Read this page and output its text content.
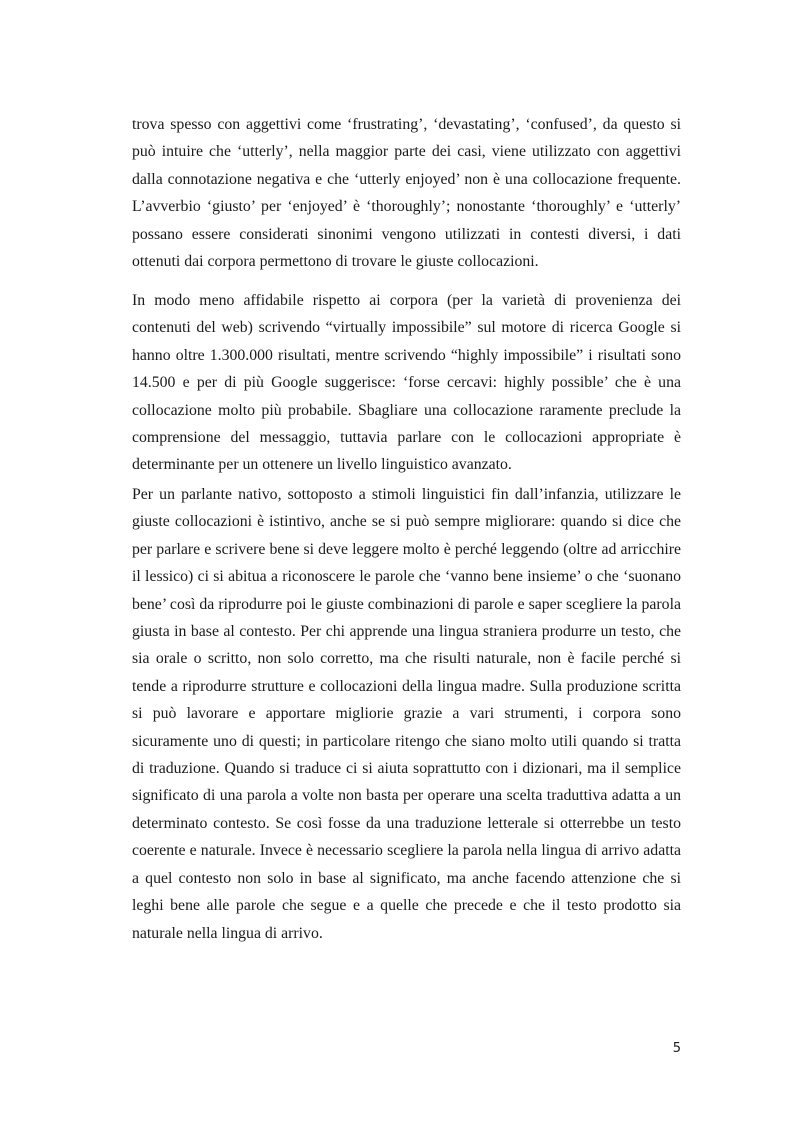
trova spesso con aggettivi come ‘frustrating’, ‘devastating’, ‘confused’, da questo si può intuire che ‘utterly’, nella maggior parte dei casi, viene utilizzato con aggettivi dalla connotazione negativa e che ‘utterly enjoyed’ non è una collocazione frequente. L’avverbio ‘giusto’ per ‘enjoyed’ è ‘thoroughly’; nonostante ‘thoroughly’ e ‘utterly’ possano essere considerati sinonimi vengono utilizzati in contesti diversi, i dati ottenuti dai corpora permettono di trovare le giuste collocazioni.

In modo meno affidabile rispetto ai corpora (per la varietà di provenienza dei contenuti del web) scrivendo “virtually impossibile” sul motore di ricerca Google si hanno oltre 1.300.000 risultati, mentre scrivendo “highly impossibile” i risultati sono 14.500 e per di più Google suggerisce: ‘forse cercavi: highly possible’ che è una collocazione molto più probabile. Sbagliare una collocazione raramente preclude la comprensione del messaggio, tuttavia parlare con le collocazioni appropriate è determinante per un ottenere un livello linguistico avanzato.

Per un parlante nativo, sottoposto a stimoli linguistici fin dall’infanzia, utilizzare le giuste collocazioni è istintivo, anche se si può sempre migliorare: quando si dice che per parlare e scrivere bene si deve leggere molto è perché leggendo (oltre ad arricchire il lessico) ci si abitua a riconoscere le parole che ‘vanno bene insieme’ o che ‘suonano bene’ così da riprodurre poi le giuste combinazioni di parole e saper scegliere la parola giusta in base al contesto. Per chi apprende una lingua straniera produrre un testo, che sia orale o scritto, non solo corretto, ma che risulti naturale, non è facile perché si tende a riprodurre strutture e collocazioni della lingua madre. Sulla produzione scritta si può lavorare e apportare migliorie grazie a vari strumenti, i corpora sono sicuramente uno di questi; in particolare ritengo che siano molto utili quando si tratta di traduzione. Quando si traduce ci si aiuta soprattutto con i dizionari, ma il semplice significato di una parola a volte non basta per operare una scelta traduttiva adatta a un determinato contesto. Se così fosse da una traduzione letterale si otterrebbe un testo coerente e naturale. Invece è necessario scegliere la parola nella lingua di arrivo adatta a quel contesto non solo in base al significato, ma anche facendo attenzione che si leghi bene alle parole che segue e a quelle che precede e che il testo prodotto sia naturale nella lingua di arrivo.

5
